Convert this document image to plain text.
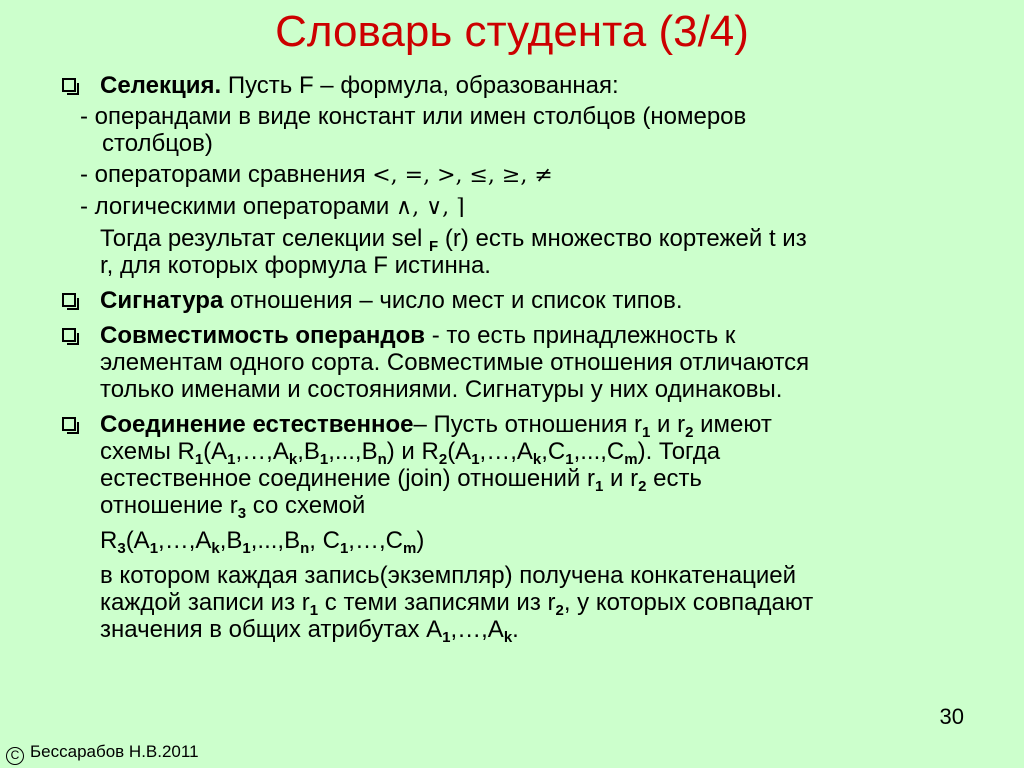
Словарь студента (3/4)
Селекция. Пусть F – формула, образованная:
- операндами в виде констант или имен столбцов (номеров
столбцов)
- операторами сравнения <, =, >, ≤, ≥, ≠
- логическими операторами ∧, ∨, ⌉
Тогда результат селекции sel $_F$ (r) есть множество кортежей t из
r, для которых формула F истинна.
Сигнатура отношения – число мест и список типов.
Совместимость операндов - то есть принадлежность к
элементам одного сорта. Совместимые отношения отличаются
только именами и состояниями. Сигнатуры у них одинаковы.
Соединение естественное– Пусть отношения $r_1$ и $r_2$ имеют
схемы $R_1(A_1,\dots,A_k,B_1,...,B_n)$ и $R_2(A_1,\dots,A_k,C_1,...,C_m)$. Тогда
естественное соединение (join) отношений $r_1$ и $r_2$ есть
отношение $r_3$ со схемой
$R_3(A_1,\dots,A_k,B_1,...,B_n$, $C_1,\dots,C_m$)
в котором каждая запись(экземпляр) получена конкатенацией
каждой записи из $r_1$ с теми записями из $r_2$, у которых совпадают
значения в общих атрибутах $A_1,\dots,A_k$.
30
C Бессарабов Н.В.2011
